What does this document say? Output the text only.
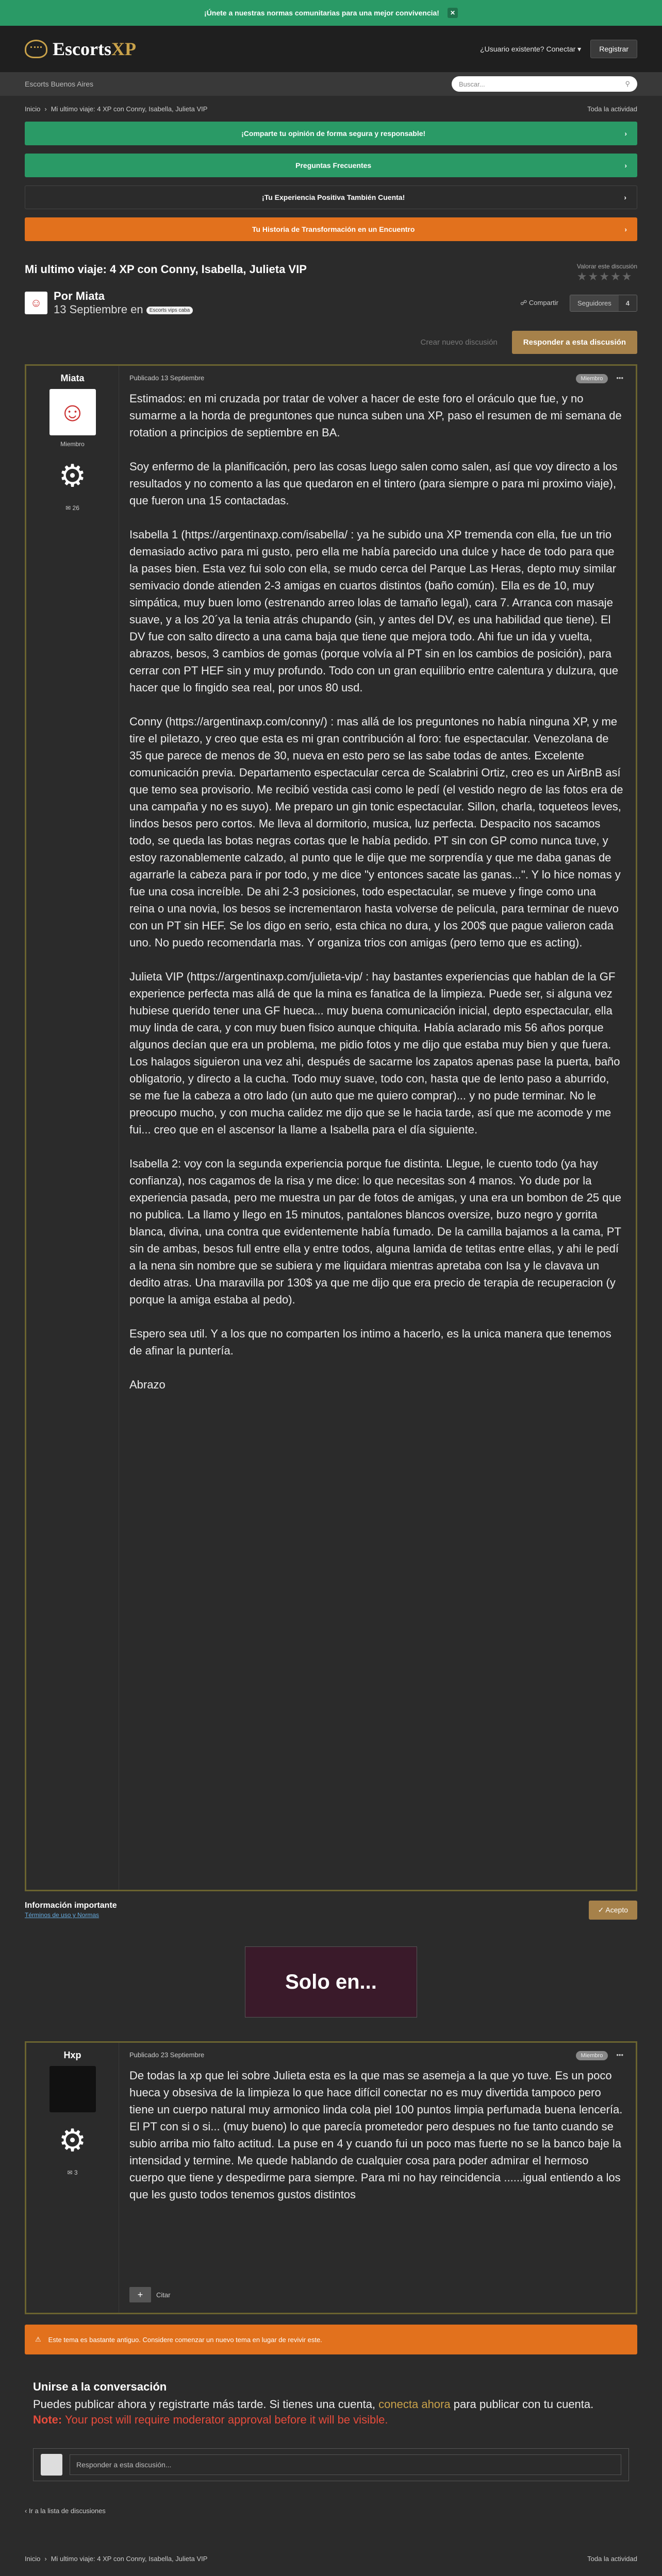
¡Únete a nuestras normas comunitarias para una mejor convivencia!	✕
EscortsXP	¿Usuario existente? Conectar ▾	Registrar
Escorts Buenos Aires	Buscar...	⚲
Inicio › Mi ultimo viaje: 4 XP con Conny, Isabella, Julieta VIP	Toda la actividad
¡Comparte tu opinión de forma segura y responsable!	›
Preguntas Frecuentes	›
¡Tu Experiencia Positiva También Cuenta!	›
Tu Historia de Transformación en un Encuentro	›
Mi ultimo viaje: 4 XP con Conny, Isabella, Julieta VIP	Valorar este discusión
★★★★★
☺
Por Miata
13 Septiembre en Escorts vips caba
☍ Compartir	Seguidores	4
Crear nuevo discusión	Responder a esta discusión
Miata
☺
Miembro
⚙
✉ 26
Publicado 13 Septiembre	Miembro •••

Estimados: en mi cruzada por tratar de volver a hacer de este foro el oráculo que fue, y no sumarme a la horda de preguntones que nunca suben una XP, paso el resumen de mi semana de rotation a principios de septiembre en BA.

Soy enfermo de la planificación, pero las cosas luego salen como salen, así que voy directo a los resultados y no comento a las que quedaron en el tintero (para siempre o para mi proximo viaje), que fueron una 15 contactadas.

Isabella 1 (https://argentinaxp.com/isabella/ : ya he subido una XP tremenda con ella, fue un trio demasiado activo para mi gusto, pero ella me había parecido una dulce y hace de todo para que la pases bien. Esta vez fui solo con ella, se mudo cerca del Parque Las Heras, depto muy similar semivacio donde atienden 2-3 amigas en cuartos distintos (baño común). Ella es de 10, muy simpática, muy buen lomo (estrenando arreo lolas de tamaño legal), cara 7. Arranca con masaje suave, y a los 20´ya la tenia atrás chupando (sin, y antes del DV, es una habilidad que tiene). El DV fue con salto directo a una cama baja que tiene que mejora todo. Ahi fue un ida y vuelta, abrazos, besos, 3 cambios de gomas (porque volvía al PT sin en los cambios de posición), para cerrar con PT HEF sin y muy profundo. Todo con un gran equilibrio entre calentura y dulzura, que hacer que lo fingido sea real, por unos 80 usd.

Conny (https://argentinaxp.com/conny/) : mas allá de los preguntones no había ninguna XP, y me tire el piletazo, y creo que esta es mi gran contribución al foro: fue espectacular. Venezolana de 35 que parece de menos de 30, nueva en esto pero se las sabe todas de antes. Excelente comunicación previa. Departamento espectacular cerca de Scalabrini Ortiz, creo es un AirBnB así que temo sea provisorio. Me recibió vestida casi como le pedí (el vestido negro de las fotos era de una campaña y no es suyo). Me preparo un gin tonic espectacular. Sillon, charla, toqueteos leves, lindos besos pero cortos. Me lleva al dormitorio, musica, luz perfecta. Despacito nos sacamos todo, se queda las botas negras cortas que le había pedido. PT sin con GP como nunca tuve, y estoy razonablemente calzado, al punto que le dije que me sorprendía y que me daba ganas de agarrarle la cabeza para ir por todo, y me dice "y entonces sacate las ganas...". Y lo hice nomas y fue una cosa increíble. De ahi 2-3 posiciones, todo espectacular, se mueve y finge como una reina o una novia, los besos se incrementaron hasta volverse de pelicula, para terminar de nuevo con un PT sin HEF. Se los digo en serio, esta chica no dura, y los 200$ que pague valieron cada uno. No puedo recomendarla mas. Y organiza trios con amigas (pero temo que es acting).

Julieta VIP (https://argentinaxp.com/julieta-vip/ : hay bastantes experiencias que hablan de la GF experience perfecta mas allá de que la mina es fanatica de la limpieza. Puede ser, si alguna vez hubiese querido tener una GF hueca... muy buena comunicación inicial, depto espectacular, ella muy linda de cara, y con muy buen fisico aunque chiquita. Había aclarado mis 56 años porque algunos decían que era un problema, me pidio fotos y me dijo que estaba muy bien y que fuera. Los halagos siguieron una vez ahi, después de sacarme los zapatos apenas pase la puerta, baño obligatorio, y directo a la cucha. Todo muy suave, todo con, hasta que de lento paso a aburrido, se me fue la cabeza a otro lado (un auto que me quiero comprar)... y no pude terminar. No le preocupo mucho, y con mucha calidez me dijo que se le hacia tarde, así que me acomode y me fui... creo que en el ascensor la llame a Isabella para el día siguiente.

Isabella 2: voy con la segunda experiencia porque fue distinta. Llegue, le cuento todo (ya hay confianza), nos cagamos de la risa y me dice: lo que necesitas son 4 manos. Yo dude por la experiencia pasada, pero me muestra un par de fotos de amigas, y una era un bombon de 25 que no publica. La llamo y llego en 15 minutos, pantalones blancos oversize, buzo negro y gorrita blanca, divina, una contra que evidentemente había fumado. De la camilla bajamos a la cama, PT sin de ambas, besos full entre ella y entre todos, alguna lamida de tetitas entre ellas, y ahi le pedí a la nena sin nombre que se subiera y me liquidara mientras apretaba con Isa y le clavava un dedito atras. Una maravilla por 130$ ya que me dijo que era precio de terapia de recuperacion (y porque la amiga estaba al pedo).

Espero sea util. Y a los que no comparten los intimo a hacerlo, es la unica manera que tenemos de afinar la puntería.

Abrazo

Información importante
Términos de uso y Normas
✓ Acepto
Solo en...
Hxp
⚙
✉ 3
Publicado 23 Septiembre	Miembro •••

De todas la xp que lei sobre Julieta esta es la que mas se asemeja a la que yo tuve. Es un poco hueca y obsesiva de la limpieza lo que hace difícil conectar no es muy divertida tampoco pero tiene un cuerpo natural muy armonico linda cola piel 100 puntos limpia perfumada buena lencería. El PT con si o si... (muy bueno) lo que parecía prometedor pero despues no fue tanto cuando se subio arriba mio falto actitud. La puse en 4 y cuando fui un poco mas fuerte no se la banco baje la intensidad y termine. Me quede hablando de cualquier cosa para poder admirar el hermoso cuerpo que tiene y despedirme para siempre. Para mi no hay reincidencia ......igual entiendo a los que les gusto todos tenemos gustos distintos

+	Citar
⚠ Este tema es bastante antiguo. Considere comenzar un nuevo tema en lugar de revivir este.
Unirse a la conversación

Puedes publicar ahora y registrarte más tarde. Si tienes una cuenta, conecta ahora para publicar con tu cuenta.
Note: Your post will require moderator approval before it will be visible.

Responder a esta discusión...
‹ Ir a la lista de discusiones
Inicio › Mi ultimo viaje: 4 XP con Conny, Isabella, Julieta VIP	Toda la actividad
